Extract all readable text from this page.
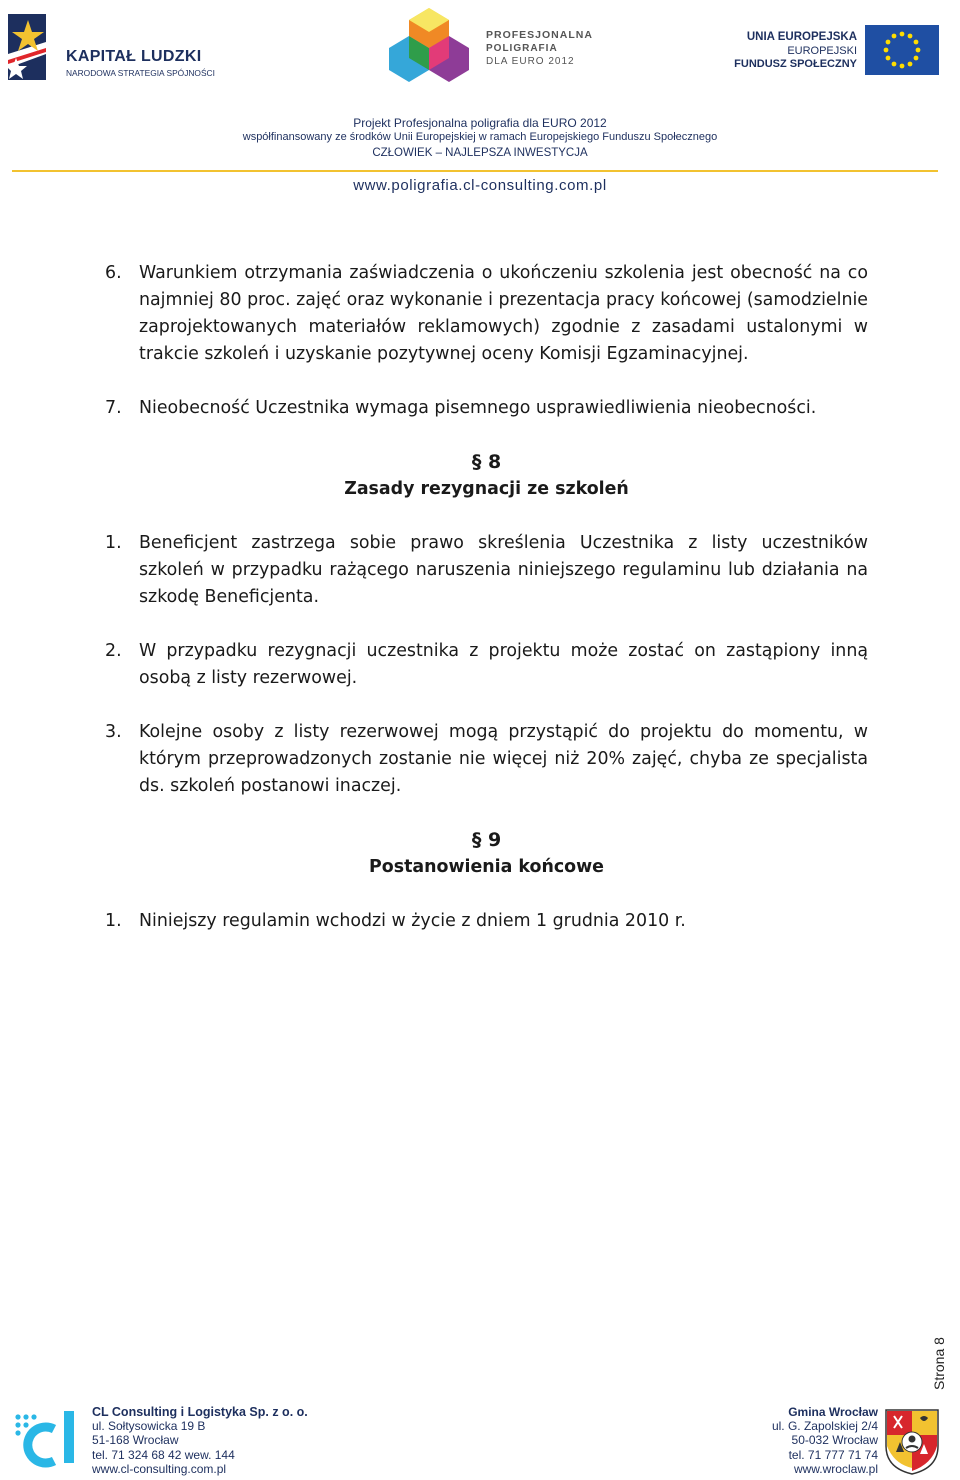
KAPITAŁ LUDZKI
NARODOWA STRATEGIA SPÓJNOŚCI
PROFESJONALNA
POLIGRAFIA
DLA EURO 2012
UNIA EUROPEJSKA
EUROPEJSKI
FUNDUSZ SPOŁECZNY
Projekt Profesjonalna poligrafia dla EURO 2012
współfinansowany ze środków Unii Europejskiej w ramach Europejskiego Funduszu Społecznego
CZŁOWIEK – NAJLEPSZA INWESTYCJA
www.poligrafia.cl-consulting.com.pl

6. Warunkiem otrzymania zaświadczenia o ukończeniu szkolenia jest obecność na co najmniej 80 proc. zajęć oraz wykonanie i prezentacja pracy końcowej (samodzielnie zaprojektowanych materiałów reklamowych) zgodnie z zasadami ustalonymi w trakcie szkoleń i uzyskanie pozytywnej oceny Komisji Egzaminacyjnej.

7. Nieobecność Uczestnika wymaga pisemnego usprawiedliwienia nieobecności.

§ 8

Zasady rezygnacji ze szkoleń

1. Beneficjent zastrzega sobie prawo skreślenia Uczestnika z listy uczestników szkoleń w przypadku rażącego naruszenia niniejszego regulaminu lub działania na szkodę Beneficjenta.

2. W przypadku rezygnacji uczestnika z projektu może zostać on zastąpiony inną osobą z listy rezerwowej.

3. Kolejne osoby z listy rezerwowej mogą przystąpić do projektu do momentu, w którym przeprowadzonych zostanie nie więcej niż 20% zajęć, chyba ze specjalista ds. szkoleń postanowi inaczej.

§ 9

Postanowienia końcowe

1. Niniejszy regulamin wchodzi w życie z dniem 1 grudnia 2010 r.

Strona 8
CL Consulting i Logistyka Sp. z o. o.
ul. Sołtysowicka 19 B
51-168 Wrocław
tel. 71 324 68 42 wew. 144
www.cl-consulting.com.pl
Gmina Wrocław
ul. G. Zapolskiej 2/4
50-032 Wrocław
tel. 71 777 71 74
www.wroclaw.pl
